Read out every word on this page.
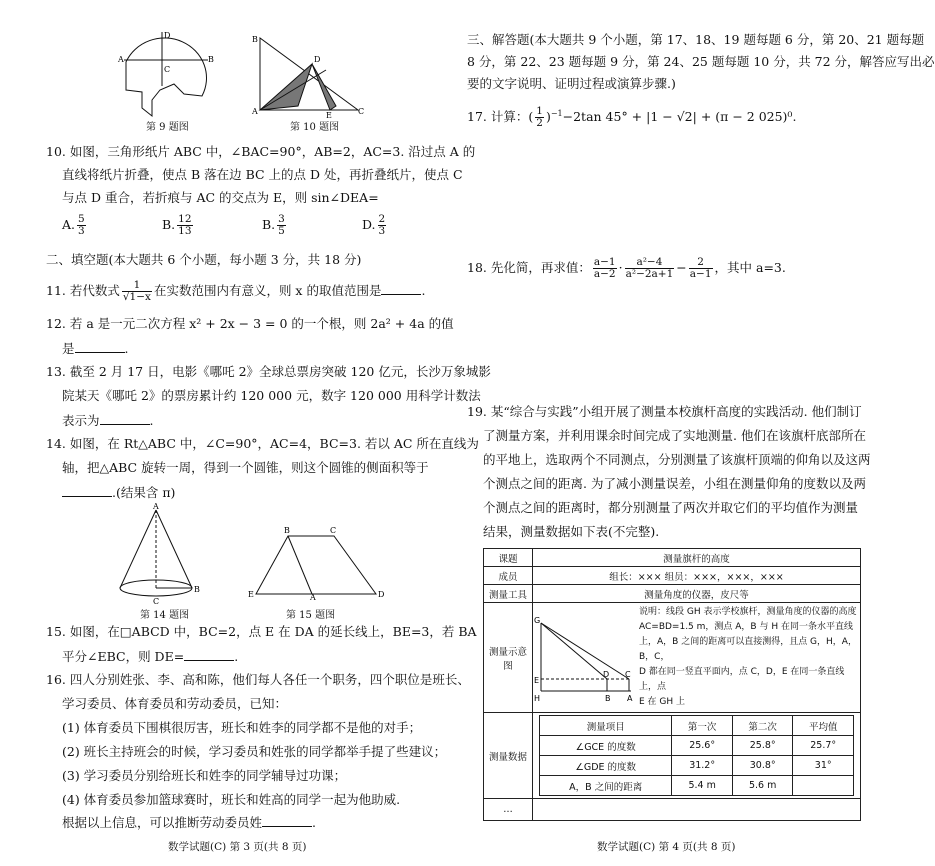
D
A	B
C
第 9 题图
B
D
A	E	C
第 10 题图
10. 如图，三角形纸片 ABC 中，∠BAC=90°，AB=2，AC=3. 沿过点 A 的
直线将纸片折叠，使点 B 落在边 BC 上的点 D 处，再折叠纸片，使点 C
与点 D 重合，若折痕与 AC 的交点为 E，则 sin∠DEA=
A. $\frac{5}{3}$	B. $\frac{12}{13}$	B. $\frac{3}{5}$	D. $\frac{2}{3}$
二、填空题(本大题共 6 个小题，每小题 3 分，共 18 分)
11. 若代数式 $\frac{1}{√1-x}$ 在实数范围内有意义，则 x 的取值范围是	.
12. 若 a 是一元二次方程 x² + 2x − 3 = 0 的一个根，则 2a² + 4a 的值
是	.
13. 截至 2 月 17 日，电影《哪吒 2》全球总票房突破 120 亿元，长沙万象城影
院某天《哪吒 2》的票房累计约 120 000 元，数字 120 000 用科学计数法
表示为	.
14. 如图，在 Rt△ABC 中，∠C=90°，AC=4，BC=3. 若以 AC 所在直线为
轴，把△ABC 旋转一周，得到一个圆锥，则这个圆锥的侧面积等于
.(结果含 π)
A
C
B
第 14 题图
B	C
E	A	D
第 15 题图
15. 如图，在□ABCD 中，BC=2，点 E 在 DA 的延长线上，BE=3，若 BA
平分∠EBC，则 DE=	.
16. 四人分别姓张、李、高和陈，他们每人各任一个职务，四个职位是班长、
学习委员、体育委员和劳动委员，已知：
(1) 体育委员下围棋很厉害，班长和姓李的同学都不是他的对手；
(2) 班长主持班会的时候，学习委员和姓张的同学都举手提了些建议；
(3) 学习委员分别给班长和姓李的同学辅导过功课；
(4) 体育委员参加篮球赛时，班长和姓高的同学一起为他助威.
根据以上信息，可以推断劳动委员姓	.
数学试题(C) 第 3 页(共 8 页)
三、解答题(本大题共 9 个小题，第 17、18、19 题每题 6 分，第 20、21 题每题
8 分，第 22、23 题每题 9 分，第 24、25 题每题 10 分，共 72 分，解答应写出必
要的文字说明、证明过程或演算步骤.)
17. 计算：( $\frac{1}{2} )^{-1}-2\tan$ 45° + |1 − √2| + (π − 2 025)⁰.
18. 先化简，再求值： $\frac{a-1}{a-2} \cdot \frac{\text{a²−4}}{\text{a²−2a+1}} - \frac{2}{a-1}$ ，其中 a=3.
19. 某“综合与实践”小组开展了测量本校旗杆高度的实践活动. 他们制订
了测量方案，并利用课余时间完成了实地测量. 他们在该旗杆底部所在
的平地上，选取两个不同测点，分别测量了该旗杆顶端的仰角以及这两
个测点之间的距离. 为了减小测量误差，小组在测量仰角的度数以及两
个测点之间的距离时，都分别测量了两次并取它们的平均值作为测量
结果，测量数据如下表(不完整).
课题	测量旗杆的高度
成员	组长：××× 组员：×××，×××，×××
测量工具	测量角度的仪器，皮尺等
测量示意图	
G
E
H
D C
B A
说明：线段 GH 表示学校旗杆，测量角度的仪器的高度
AC=BD=1.5 m，测点 A，B 与 H 在同一条水平直线
上，A，B 之间的距离可以直接测得，且点 G，H，A，B，C，
D 都在同一竖直平面内，点 C，D，E 在同一条直线上，点
E 在 GH 上

测量数据	
测量项目	第一次	第二次	平均值
∠GCE 的度数	25.6°	25.8°	25.7°
∠GDE 的度数	31.2°	30.8°	31°
A，B 之间的距离	5.4 m	5.6 m	

…	
数学试题(C) 第 4 页(共 8 页)
